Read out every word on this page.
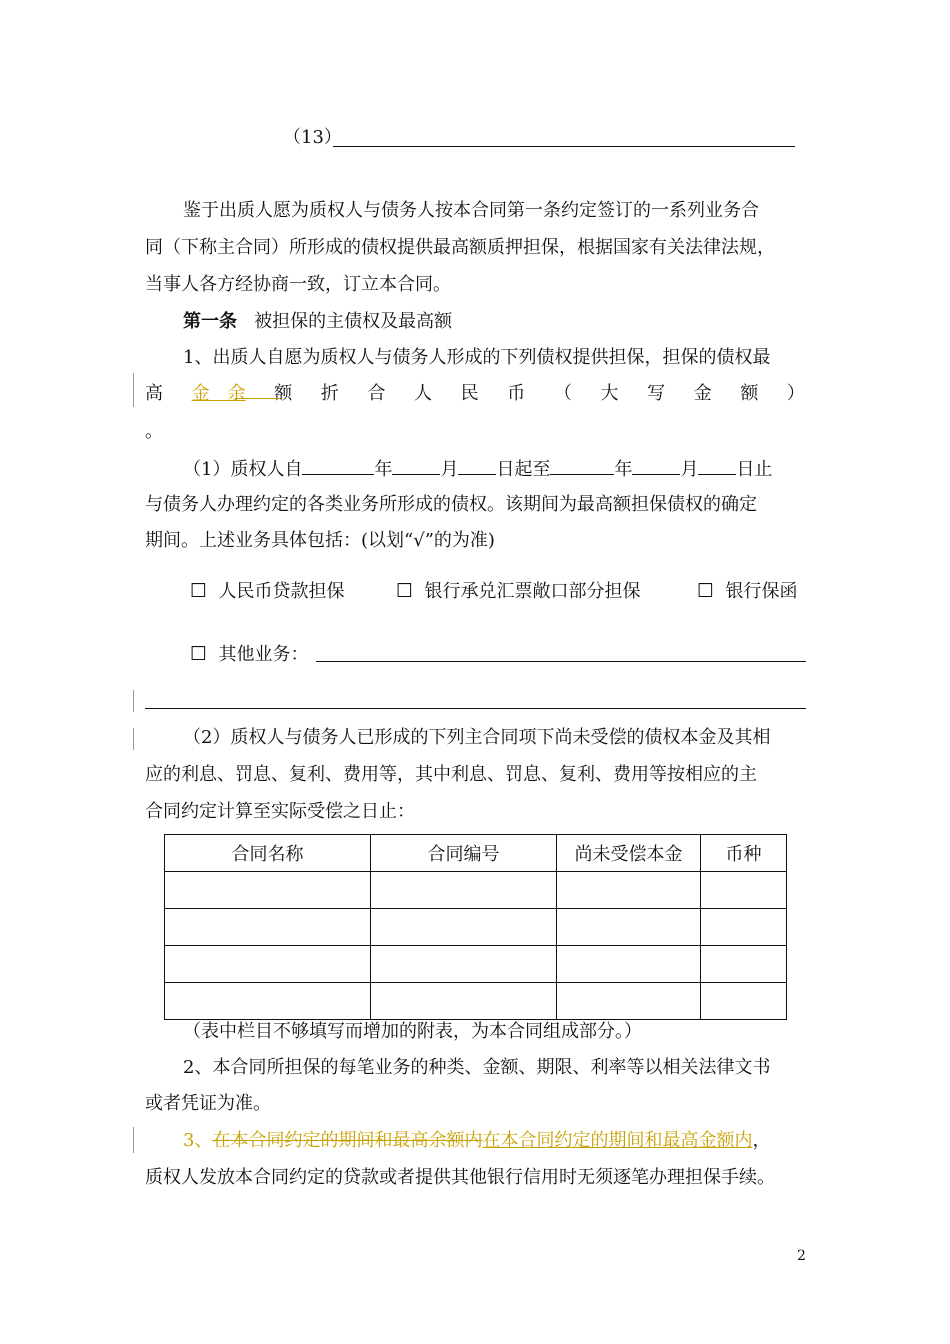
（13）
鉴于出质人愿为质权人与债务人按本合同第一条约定签订的一系列业务合
同（下称主合同）所形成的债权提供最高额质押担保，根据国家有关法律法规，
当事人各方经协商一致，订立本合同。
第一条 被担保的主债权及最高额
1、出质人自愿为质权人与债务人形成的下列债权提供担保，担保的债权最
高 金　余 额 折 合 人 民 币 （ 大 写 金 额 ）
。
（1）质权人自	年	月 日起至	年	月 日止
与债务人办理约定的各类业务所形成的债权。该期间为最高额担保债权的确定
期间。上述业务具体包括：(以划“√”的为准)
☐ 人民币贷款担保	☐ 银行承兑汇票敞口部分担保	☐ 银行保函
☐ 其他业务：
（2）质权人与债务人已形成的下列主合同项下尚未受偿的债权本金及其相
应的利息、罚息、复利、费用等，其中利息、罚息、复利、费用等按相应的主
合同约定计算至实际受偿之日止：
合同名称	合同编号	尚未受偿本金	币种

（表中栏目不够填写而增加的附表，为本合同组成部分。）
2、本合同所担保的每笔业务的种类、金额、期限、利率等以相关法律文书
或者凭证为准。
3、在本合同约定的期间和最高余额内在本合同约定的期间和最高金额内，
质权人发放本合同约定的贷款或者提供其他银行信用时无须逐笔办理担保手续。
2
